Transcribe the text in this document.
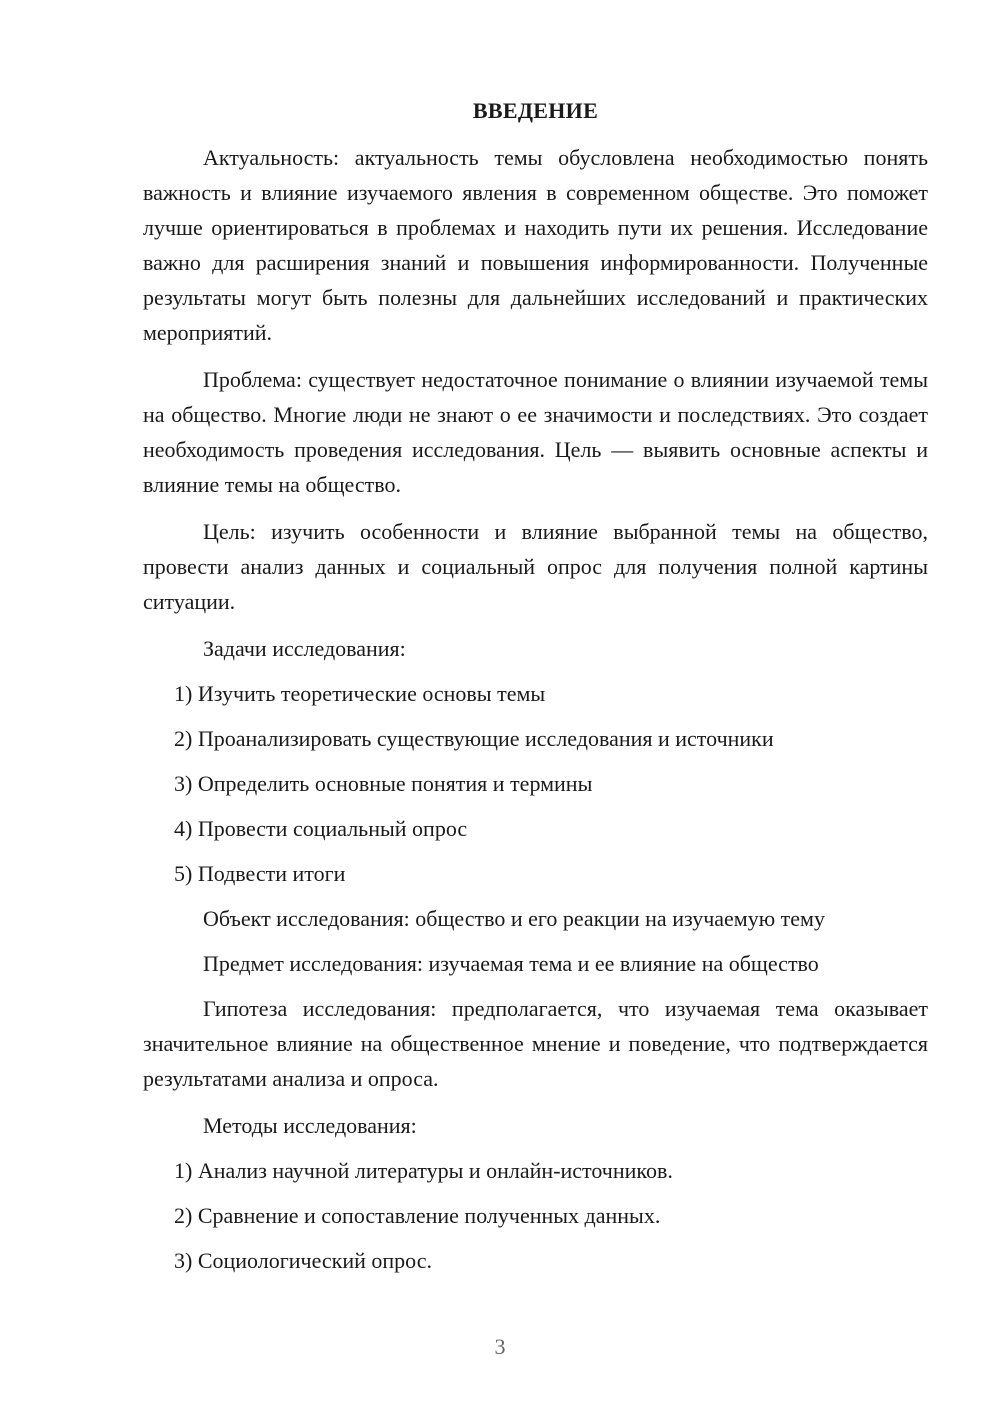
ВВЕДЕНИЕ

Актуальность: актуальность темы обусловлена необходимостью понять важность и влияние изучаемого явления в современном обществе. Это поможет лучше ориентироваться в проблемах и находить пути их решения. Исследование важно для расширения знаний и повышения информированности. Полученные результаты могут быть полезны для дальнейших исследований и практических мероприятий.

Проблема: существует недостаточное понимание о влиянии изучаемой темы на общество. Многие люди не знают о ее значимости и последствиях. Это создает необходимость проведения исследования. Цель — выявить основные аспекты и влияние темы на общество.

Цель: изучить особенности и влияние выбранной темы на общество, провести анализ данных и социальный опрос для получения полной картины ситуации.

Задачи исследования:
1) Изучить теоретические основы темы
2) Проанализировать существующие исследования и источники
3) Определить основные понятия и термины
4) Провести социальный опрос
5) Подвести итоги
Объект исследования: общество и его реакции на изучаемую тему
Предмет исследования: изучаемая тема и ее влияние на общество

Гипотеза исследования: предполагается, что изучаемая тема оказывает значительное влияние на общественное мнение и поведение, что подтверждается результатами анализа и опроса.

Методы исследования:
1) Анализ научной литературы и онлайн-источников.
2) Сравнение и сопоставление полученных данных.
3) Социологический опрос.
3
